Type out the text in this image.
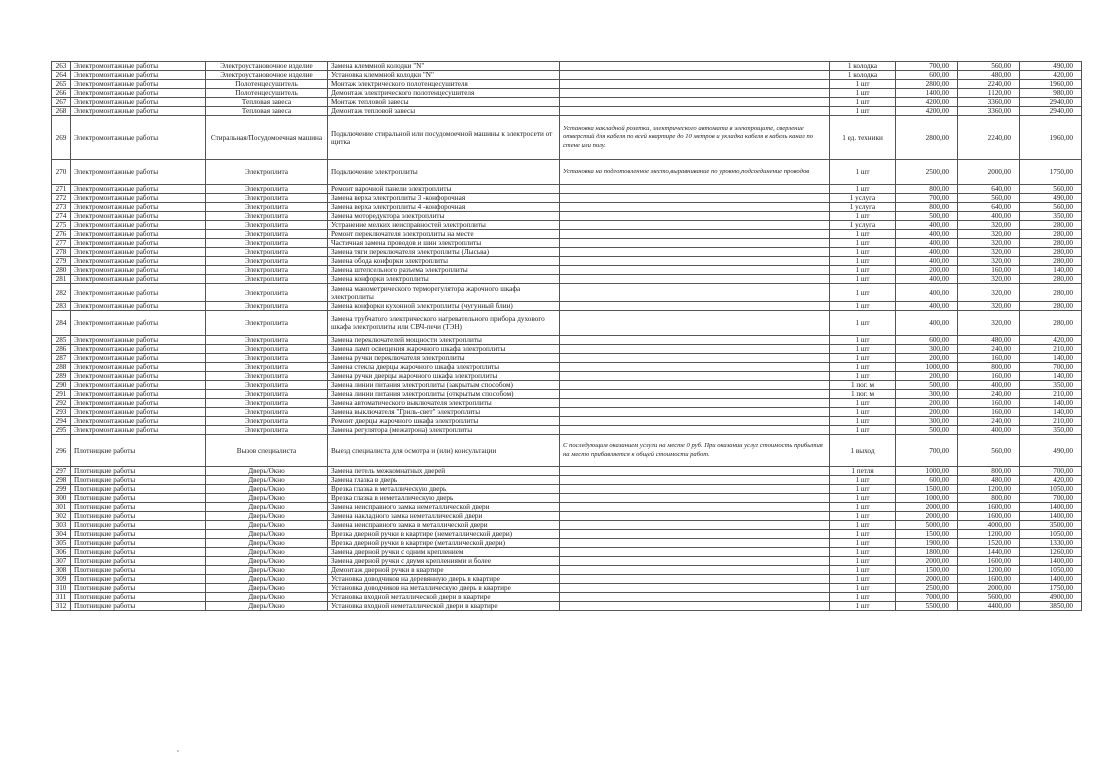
263	Электромонтажные работы	Электроустановочное изделие	Замена клеммной колодки "N"		1 колодка	700,00	560,00	490,00
264	Электромонтажные работы	Электроустановочное изделие	Установка клеммной колодки "N"		1 колодка	600,00	480,00	420,00
265	Электромонтажные работы	Полотенцесушитель	Монтаж электрического полотенцесушителя		1 шт	2800,00	2240,00	1960,00
266	Электромонтажные работы	Полотенцесушитель	Демонтаж электрического полотенцесушителя		1 шт	1400,00	1120,00	980,00
267	Электромонтажные работы	Тепловая завеса	Монтаж тепловой завесы		1 шт	4200,00	3360,00	2940,00
268	Электромонтажные работы	Тепловая завеса	Демонтаж тепловой завесы		1 шт	4200,00	3360,00	2940,00
269	Электромонтажные работы	Стиральная/Посудомоечная машина	Подключение стиральной или посудомоечной машины к электросети от щитка	Установка накладной розетки, электрического автомата в электрощите, сверление отверстий для кабеля по всей квартире до 10 метров и укладка кабеля в кабель канал по стене или полу.	1 ед. техники	2800,00	2240,00	1960,00
270	Электромонтажные работы	Электроплита	Подключение электроплиты	Установка на подготовленное место,выравнивание по уровню,подсоединение проводов	1 шт	2500,00	2000,00	1750,00
271	Электромонтажные работы	Электроплита	Ремонт варочной панели электроплиты		1 шт	800,00	640,00	560,00
272	Электромонтажные работы	Электроплита	Замена верха электроплиты 3 -конфорочная		1 услуга	700,00	560,00	490,00
273	Электромонтажные работы	Электроплита	Замена верха электроплиты 4 -конфорочная		1 услуга	800,00	640,00	560,00
274	Электромонтажные работы	Электроплита	Замена моторедуктора электроплиты		1 шт	500,00	400,00	350,00
275	Электромонтажные работы	Электроплита	Устранение мелких неисправностей электроплиты		1 услуга	400,00	320,00	280,00
276	Электромонтажные работы	Электроплита	Ремонт переключателя электроплиты на месте		1 шт	400,00	320,00	280,00
277	Электромонтажные работы	Электроплита	Частичная замена проводов и шин электроплиты		1 шт	400,00	320,00	280,00
278	Электромонтажные работы	Электроплита	Замена тяги переключателя электроплиты (Лысьва)		1 шт	400,00	320,00	280,00
279	Электромонтажные работы	Электроплита	Замена обода конфорки электроплиты		1 шт	400,00	320,00	280,00
280	Электромонтажные работы	Электроплита	Замена штепсельного разъема электроплиты		1 шт	200,00	160,00	140,00
281	Электромонтажные работы	Электроплита	Замена конфорки электроплиты		1 шт	400,00	320,00	280,00
282	Электромонтажные работы	Электроплита	Замена манометрического терморегулятора жарочного шкафа электроплиты		1 шт	400,00	320,00	280,00
283	Электромонтажные работы	Электроплита	Замена конфорки кухонной электроплиты (чугунный блин)		1 шт	400,00	320,00	280,00
284	Электромонтажные работы	Электроплита	Замена трубчатого электрического нагревательного прибора духового шкафа электроплиты или СВЧ-печи (ТЭН)		1 шт	400,00	320,00	280,00
285	Электромонтажные работы	Электроплита	Замена переключателей мощности электроплиты		1 шт	600,00	480,00	420,00
286	Электромонтажные работы	Электроплита	Замена ламп освещения жарочного шкафа электроплиты		1 шт	300,00	240,00	210,00
287	Электромонтажные работы	Электроплита	Замена ручки переключателя электроплиты		1 шт	200,00	160,00	140,00
288	Электромонтажные работы	Электроплита	Замена стекла дверцы жарочного шкафа электроплиты		1 шт	1000,00	800,00	700,00
289	Электромонтажные работы	Электроплита	Замена ручки дверцы жарочного шкафа электроплиты		1 шт	200,00	160,00	140,00
290	Электромонтажные работы	Электроплита	Замена линии питания электроплиты (закрытым способом)		1 пог. м	500,00	400,00	350,00
291	Электромонтажные работы	Электроплита	Замена линии питания электроплиты (открытым способом)		1 пог. м	300,00	240,00	210,00
292	Электромонтажные работы	Электроплита	Замена автоматического выключателя электроплиты		1 шт	200,00	160,00	140,00
293	Электромонтажные работы	Электроплита	Замена выключателя "Гриль-свет" электроплиты		1 шт	200,00	160,00	140,00
294	Электромонтажные работы	Электроплита	Ремонт дверцы жарочного шкафа электроплиты		1 шт	300,00	240,00	210,00
295	Электромонтажные работы	Электроплита	Замена регулятора (межатрона) электроплиты		1 шт	500,00	400,00	350,00
296	Плотницкие работы	Вызов специалиста	Выезд специалиста для осмотра и (или) консультации	С последующим оказанием услуги на месте 0 руб. При оказании услуг стоимость прибытия на место прибавляется к общей стоимости работ.	1 выход	700,00	560,00	490,00
297	Плотницкие работы	Дверь/Окно	Замена петель межкомнатных дверей		1 петля	1000,00	800,00	700,00
298	Плотницкие работы	Дверь/Окно	Замена глазка в дверь		1 шт	600,00	480,00	420,00
299	Плотницкие работы	Дверь/Окно	Врезка глазка в металлическую дверь		1 шт	1500,00	1200,00	1050,00
300	Плотницкие работы	Дверь/Окно	Врезка глазка в неметаллическую дверь		1 шт	1000,00	800,00	700,00
301	Плотницкие работы	Дверь/Окно	Замена неисправного замка неметаллической двери		1 шт	2000,00	1600,00	1400,00
302	Плотницкие работы	Дверь/Окно	Замена накладного замка неметаллической двери		1 шт	2000,00	1600,00	1400,00
303	Плотницкие работы	Дверь/Окно	Замена неисправного замка в металлической двери		1 шт	5000,00	4000,00	3500,00
304	Плотницкие работы	Дверь/Окно	Врезка дверной ручки в квартире (неметаллической двери)		1 шт	1500,00	1200,00	1050,00
305	Плотницкие работы	Дверь/Окно	Врезка дверной ручки в квартире (металлической двери)		1 шт	1900,00	1520,00	1330,00
306	Плотницкие работы	Дверь/Окно	Замена дверной ручки с одним креплением		1 шт	1800,00	1440,00	1260,00
307	Плотницкие работы	Дверь/Окно	Замена дверной ручки с двумя креплениями и более		1 шт	2000,00	1600,00	1400,00
308	Плотницкие работы	Дверь/Окно	Демонтаж дверной ручки в квартире		1 шт	1500,00	1200,00	1050,00
309	Плотницкие работы	Дверь/Окно	Установка доводчиков на деревянную дверь в квартире		1 шт	2000,00	1600,00	1400,00
310	Плотницкие работы	Дверь/Окно	Установка доводчиков на металлическую дверь в квартире		1 шт	2500,00	2000,00	1750,00
311	Плотницкие работы	Дверь/Окно	Установка входной металлической двери в квартире		1 шт	7000,00	5600,00	4900,00
312	Плотницкие работы	Дверь/Окно	Установка входной неметаллической двери в квартире		1 шт	5500,00	4400,00	3850,00
